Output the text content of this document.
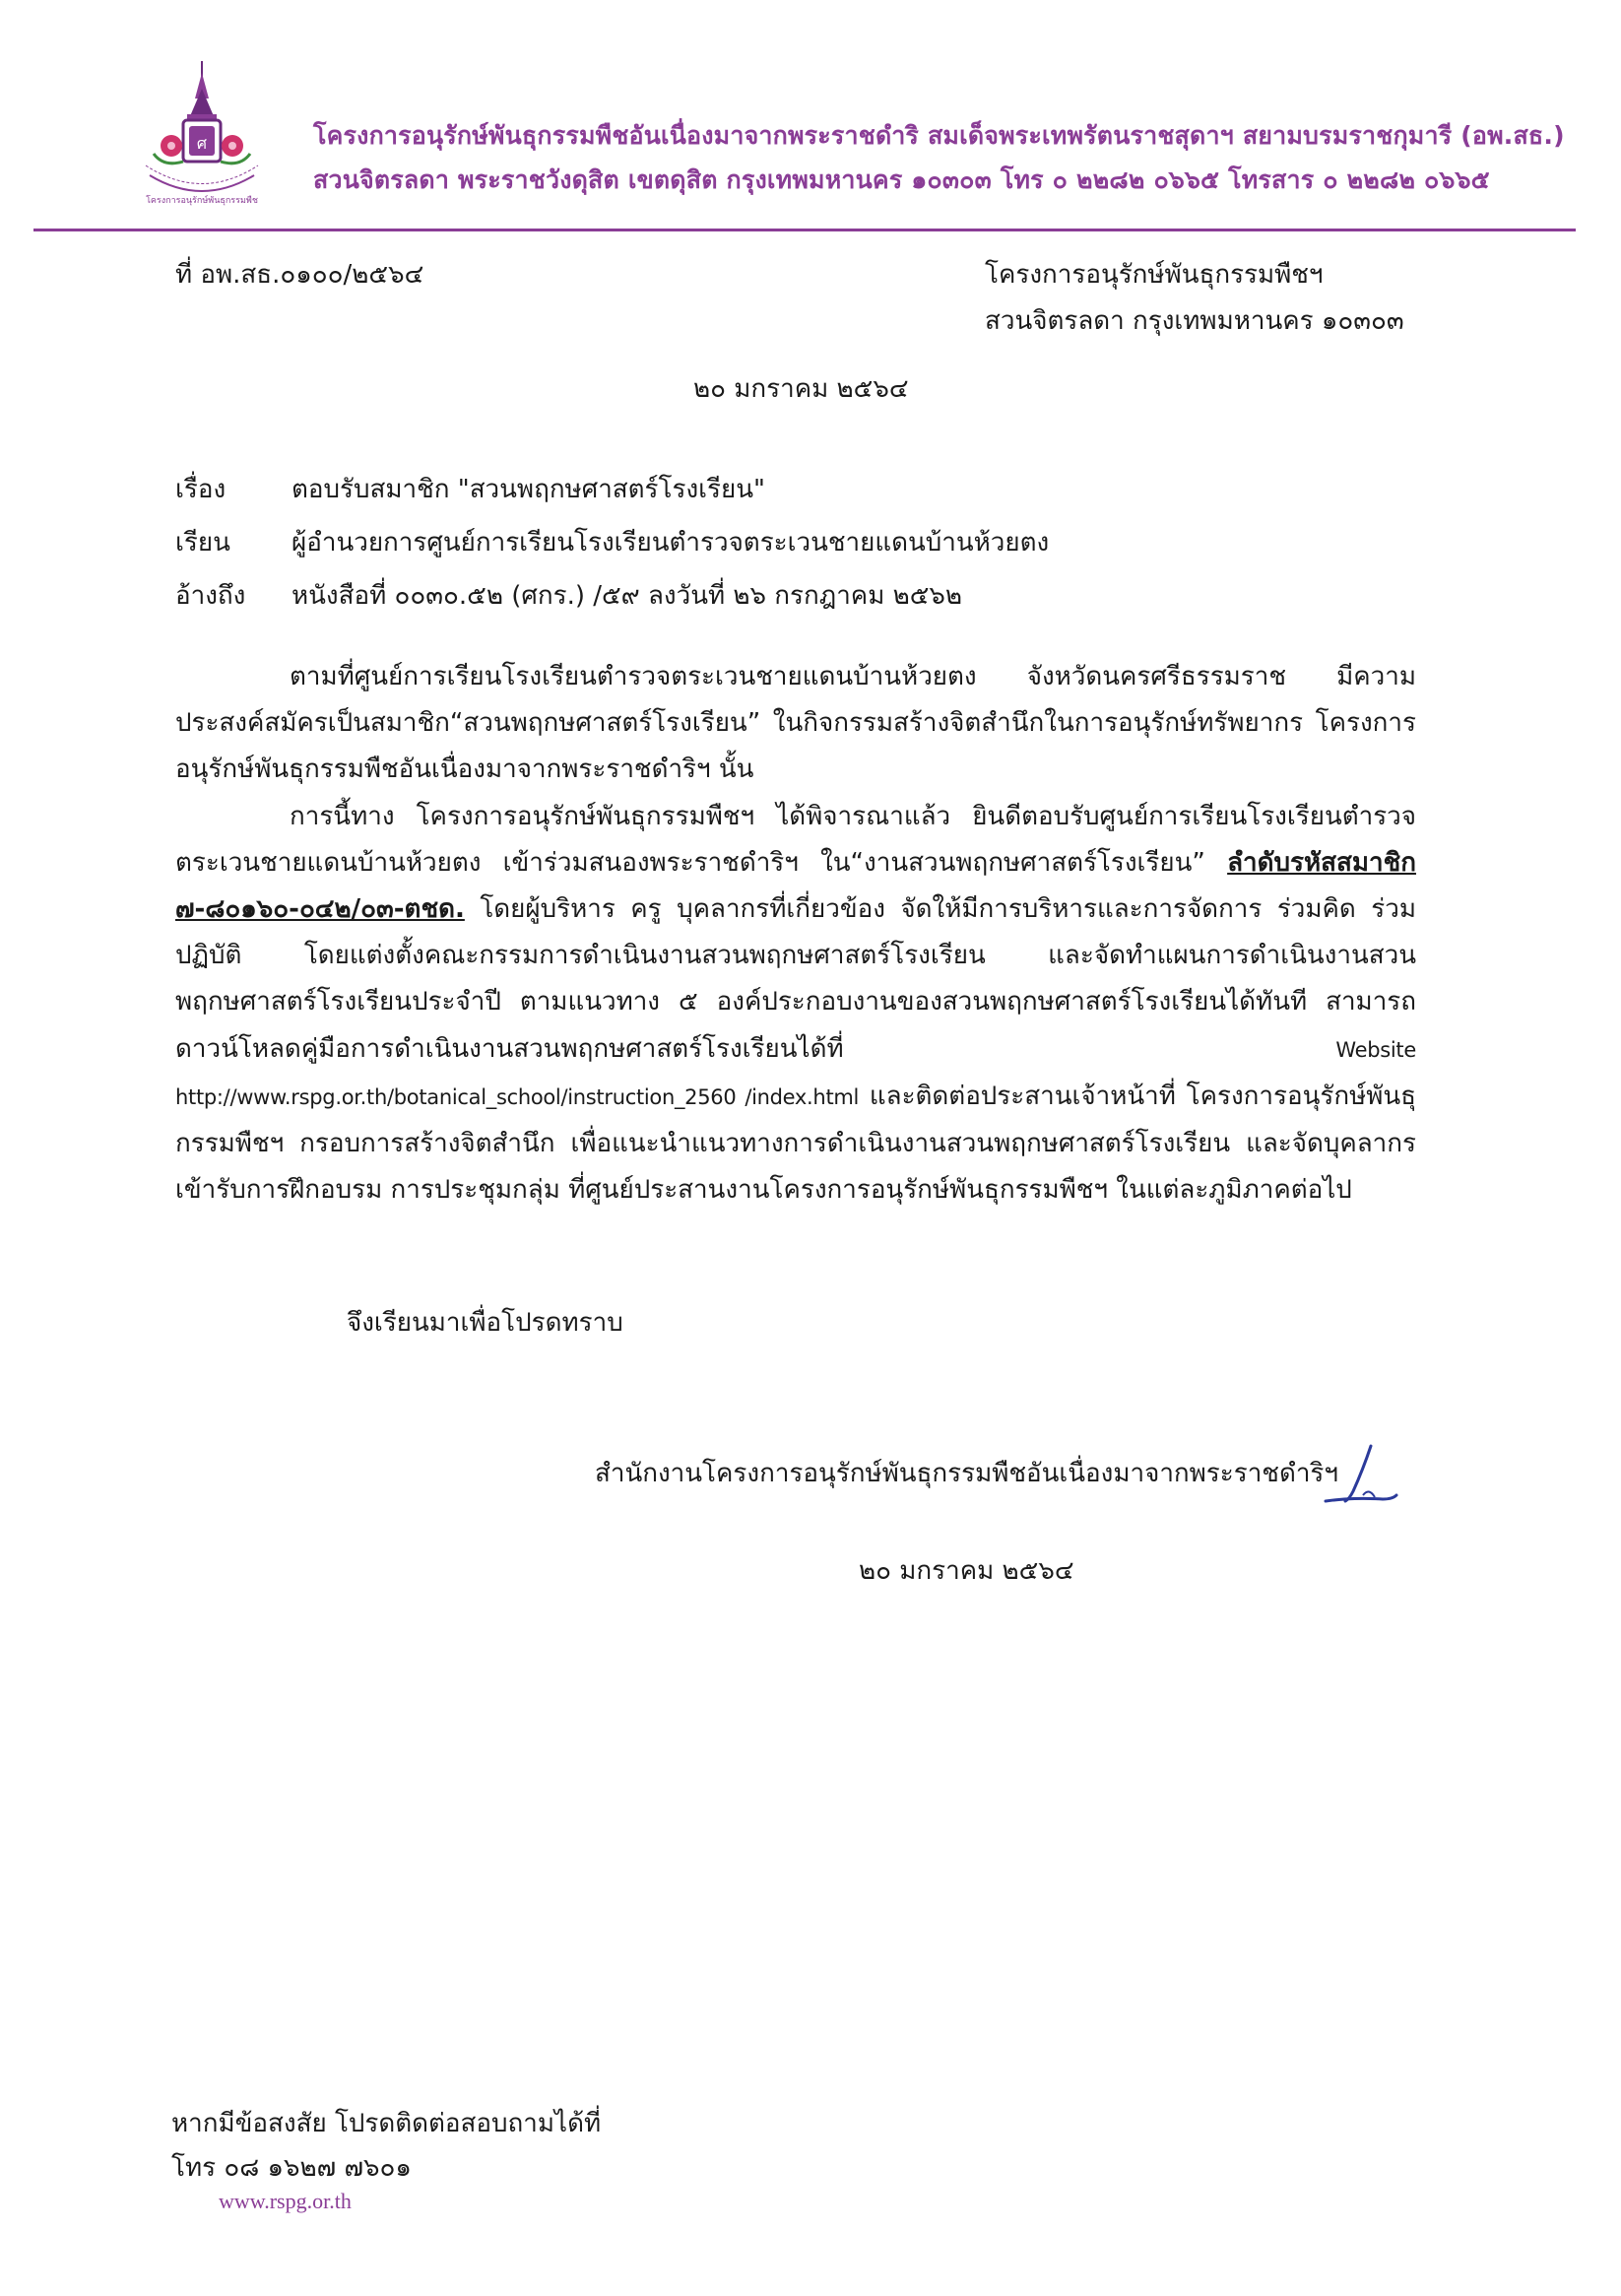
ศ
โครงการอนุรักษ์พันธุกรรมพืช
โครงการอนุรักษ์พันธุกรรมพืชอันเนื่องมาจากพระราชดำริ สมเด็จพระเทพรัตนราชสุดาฯ สยามบรมราชกุมารี (อพ.สธ.)
สวนจิตรลดา พระราชวังดุสิต เขตดุสิต กรุงเทพมหานคร ๑๐๓๐๓ โทร ๐ ๒๒๘๒ ๐๖๖๕ โทรสาร ๐ ๒๒๘๒ ๐๖๖๕
ที่ อพ.สธ.๐๑๐๐/๒๕๖๔	โครงการอนุรักษ์พันธุกรรมพืชฯ
สวนจิตรลดา กรุงเทพมหานคร ๑๐๓๐๓
๒๐ มกราคม ๒๕๖๔
เรื่อง	ตอบรับสมาชิก "สวนพฤกษศาสตร์โรงเรียน"
เรียน ผู้อำนวยการศูนย์การเรียนโรงเรียนตำรวจตระเวนชายแดนบ้านห้วยตง
อ้างถึง หนังสือที่ ๐๐๓๐.๕๒ (ศกร.) /๕๙ ลงวันที่ ๒๖ กรกฎาคม ๒๕๖๒

ตามที่ศูนย์การเรียนโรงเรียนตำรวจตระเวนชายแดนบ้านห้วยตง จังหวัดนครศรีธรรมราช มีความประสงค์สมัครเป็นสมาชิก“สวนพฤกษศาสตร์โรงเรียน” ในกิจกรรมสร้างจิตสำนึกในการอนุรักษ์ทรัพยากร โครงการอนุรักษ์พันธุกรรมพืชอันเนื่องมาจากพระราชดำริฯ นั้น

การนี้ทาง โครงการอนุรักษ์พันธุกรรมพืชฯ ได้พิจารณาแล้ว ยินดีตอบรับศูนย์การเรียนโรงเรียนตำรวจตระเวนชายแดนบ้านห้วยตง เข้าร่วมสนองพระราชดำริฯ ใน“งานสวนพฤกษศาสตร์โรงเรียน” ลำดับรหัสสมาชิก ๗-๘๐๑๖๐-๐๔๒/๐๓-ตชด. โดยผู้บริหาร ครู บุคลากรที่เกี่ยวข้อง จัดให้มีการบริหารและการจัดการ ร่วมคิด ร่วมปฏิบัติ โดยแต่งตั้งคณะกรรมการดำเนินงานสวนพฤกษศาสตร์โรงเรียน และจัดทำแผนการดำเนินงานสวนพฤกษศาสตร์โรงเรียนประจำปี ตามแนวทาง ๕ องค์ประกอบงานของสวนพฤกษศาสตร์โรงเรียนได้ทันที สามารถดาวน์โหลดคู่มือการดำเนินงานสวนพฤกษศาสตร์โรงเรียนได้ที่ Website http://www.rspg.or.th/botanical_school/instruction_2560 /index.html และติดต่อประสานเจ้าหน้าที่ โครงการอนุรักษ์พันธุกรรมพืชฯ กรอบการสร้างจิตสำนึก เพื่อแนะนำแนวทางการดำเนินงานสวนพฤกษศาสตร์โรงเรียน และจัดบุคลากรเข้ารับการฝึกอบรม การประชุมกลุ่ม ที่ศูนย์ประสานงานโครงการอนุรักษ์พันธุกรรมพืชฯ ในแต่ละภูมิภาคต่อไป

จึงเรียนมาเพื่อโปรดทราบ
สำนักงานโครงการอนุรักษ์พันธุกรรมพืชอันเนื่องมาจากพระราชดำริฯ
๒๐ มกราคม ๒๕๖๔
หากมีข้อสงสัย โปรดติดต่อสอบถามได้ที่
โทร ๐๘ ๑๖๒๗ ๗๖๐๑
www.rspg.or.th
